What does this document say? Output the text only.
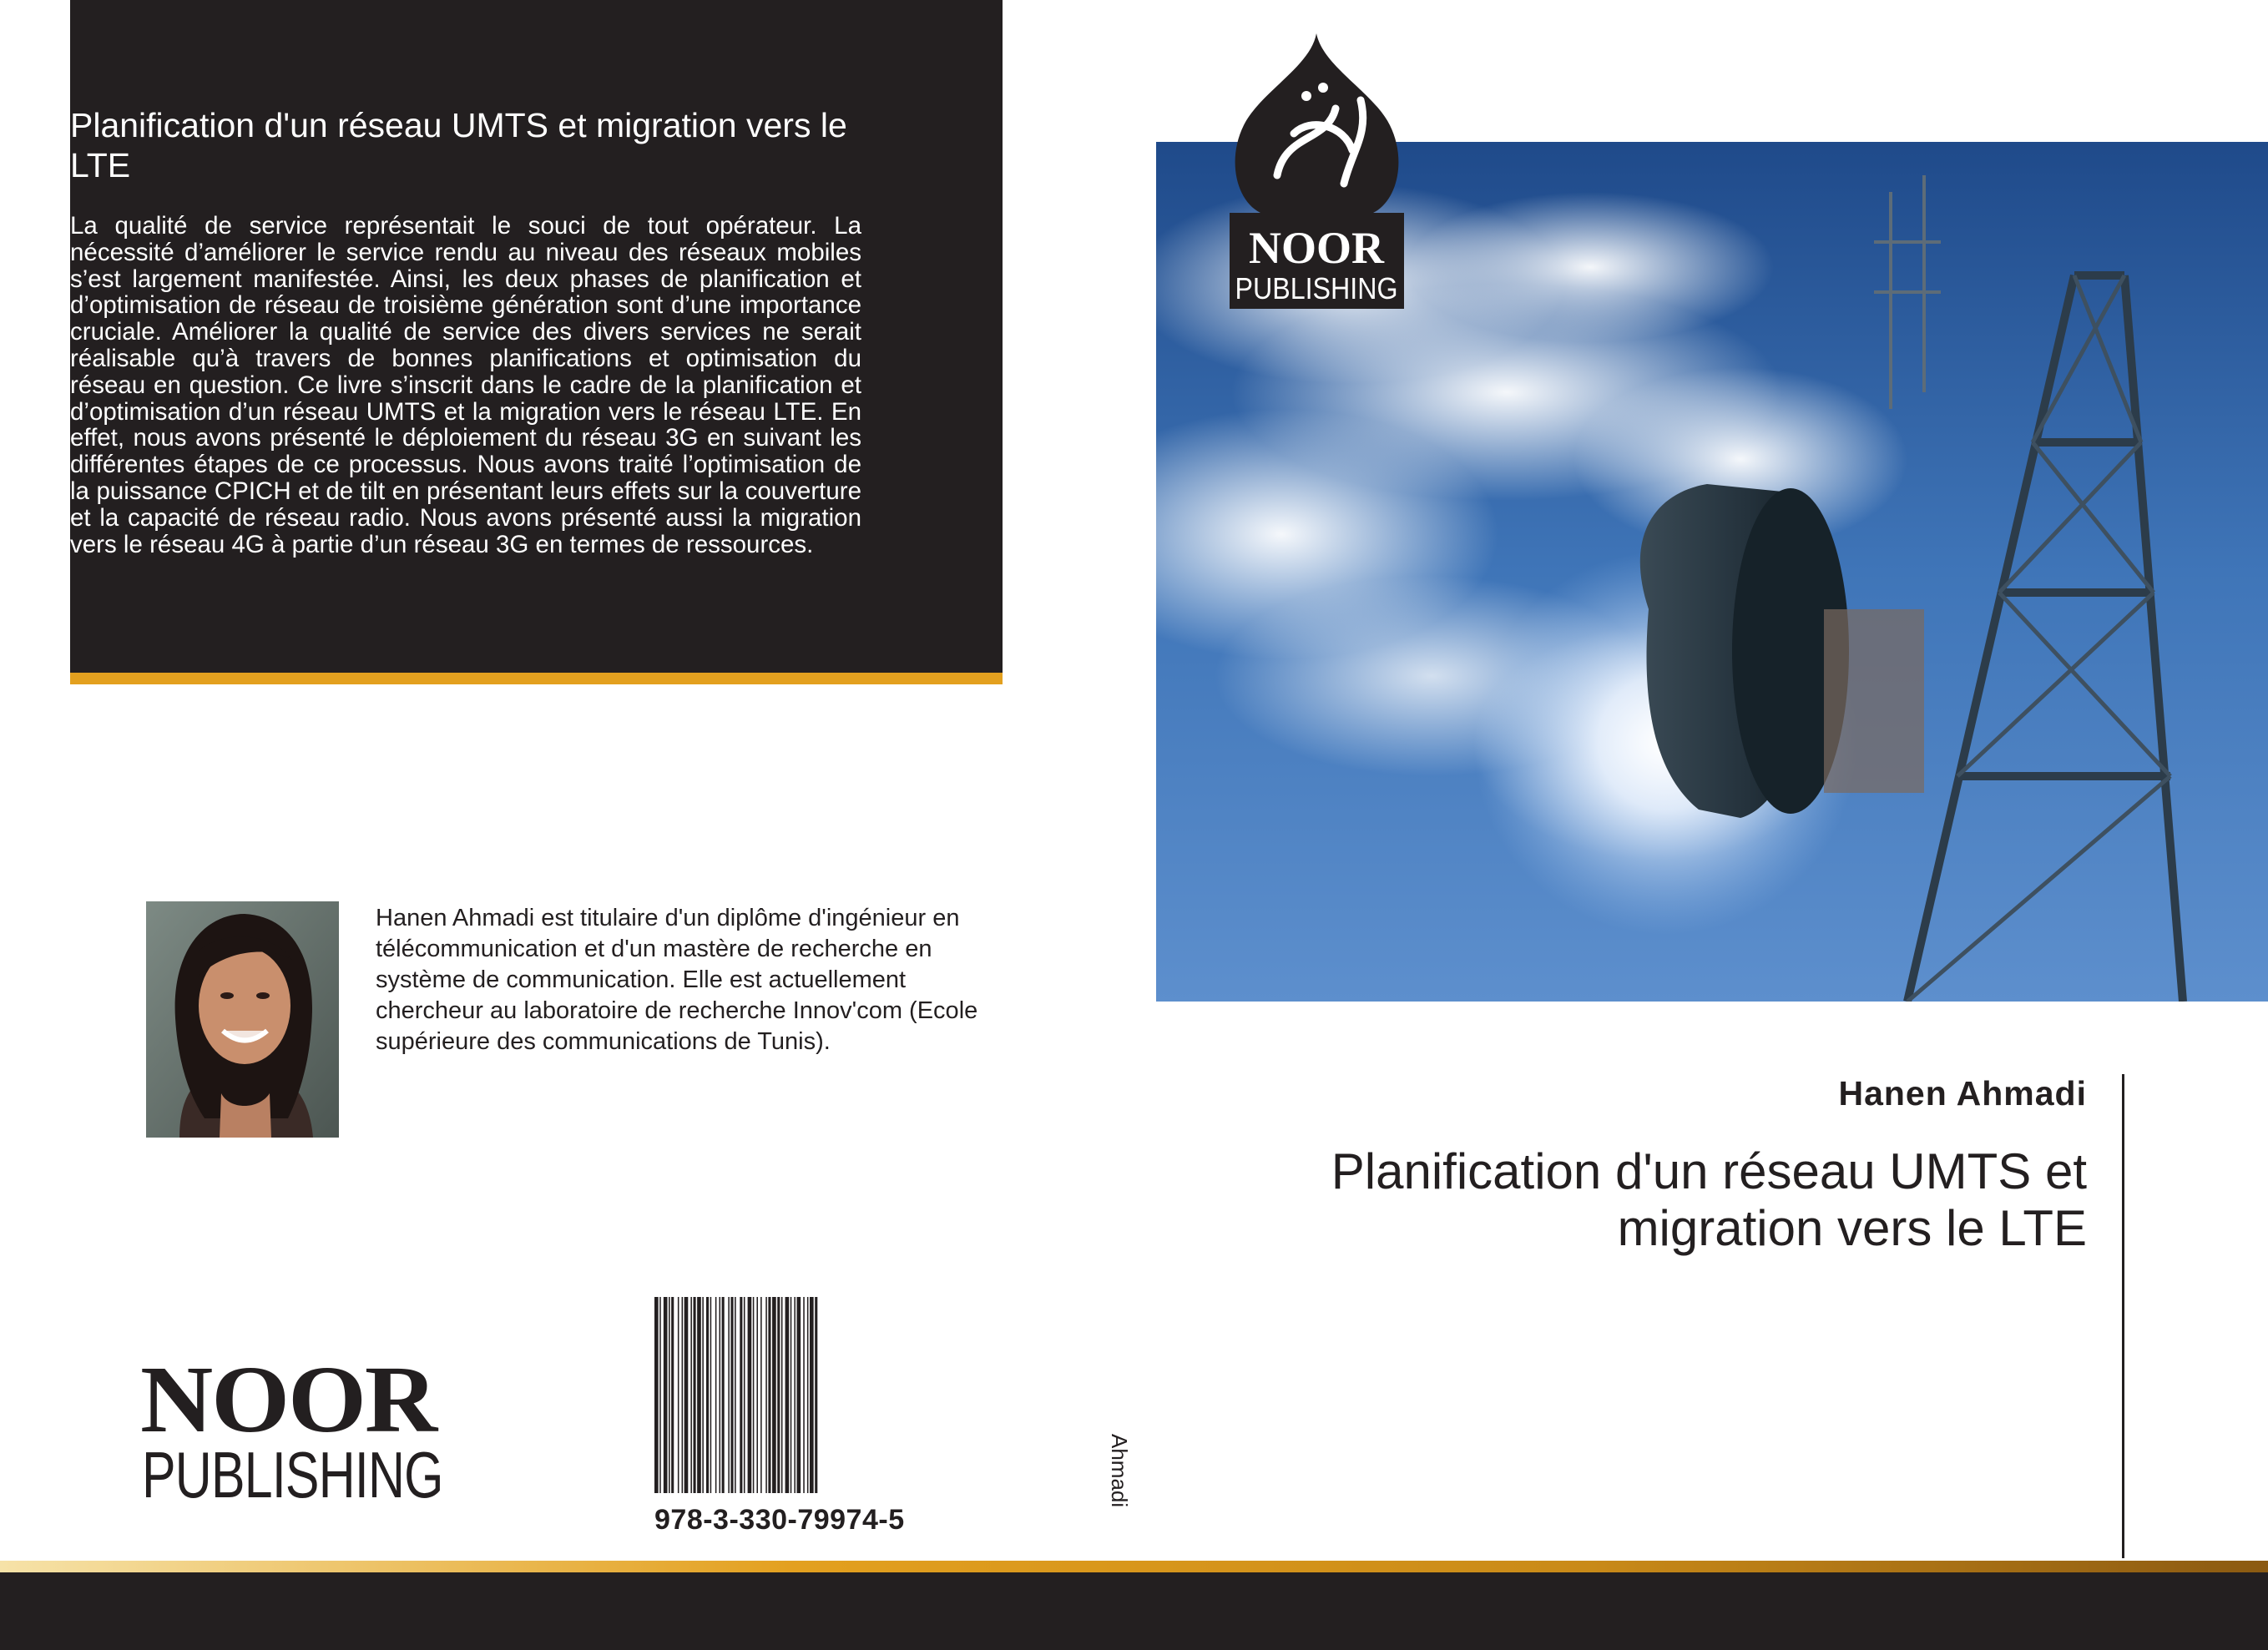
Planification d'un réseau UMTS et migration vers le LTE
La qualité de service représentait le souci de tout opérateur. La nécessité d’améliorer le service rendu au niveau des réseaux mobiles s’est largement manifestée. Ainsi, les deux phases de planification et d’optimisation de réseau de troisième génération sont d’une importance cruciale. Améliorer la qualité de service des divers services ne serait réalisable qu’à travers de bonnes planifications et optimisation du réseau en question. Ce livre s’inscrit dans le cadre de la planification et d’optimisation d’un réseau UMTS et la migration vers le réseau LTE. En effet, nous avons présenté le déploiement du réseau 3G en suivant les différentes étapes de ce processus. Nous avons traité l’optimisation de la puissance CPICH et de tilt en présentant leurs effets sur la couverture et la capacité de réseau radio. Nous avons présenté aussi la migration vers le réseau 4G à partie d’un réseau 3G en termes de ressources.
Hanen Ahmadi est titulaire d'un diplôme d'ingénieur en télécommunication et d'un mastère de recherche en système de communication. Elle est actuellement chercheur au laboratoire de recherche Innov'com (Ecole supérieure des communications de Tunis).
NOOR
PUBLISHING
978-3-330-79974-5
Ahmadi
NOOR
PUBLISHING
Hanen Ahmadi
Planification d'un réseau UMTS et migration vers le LTE
